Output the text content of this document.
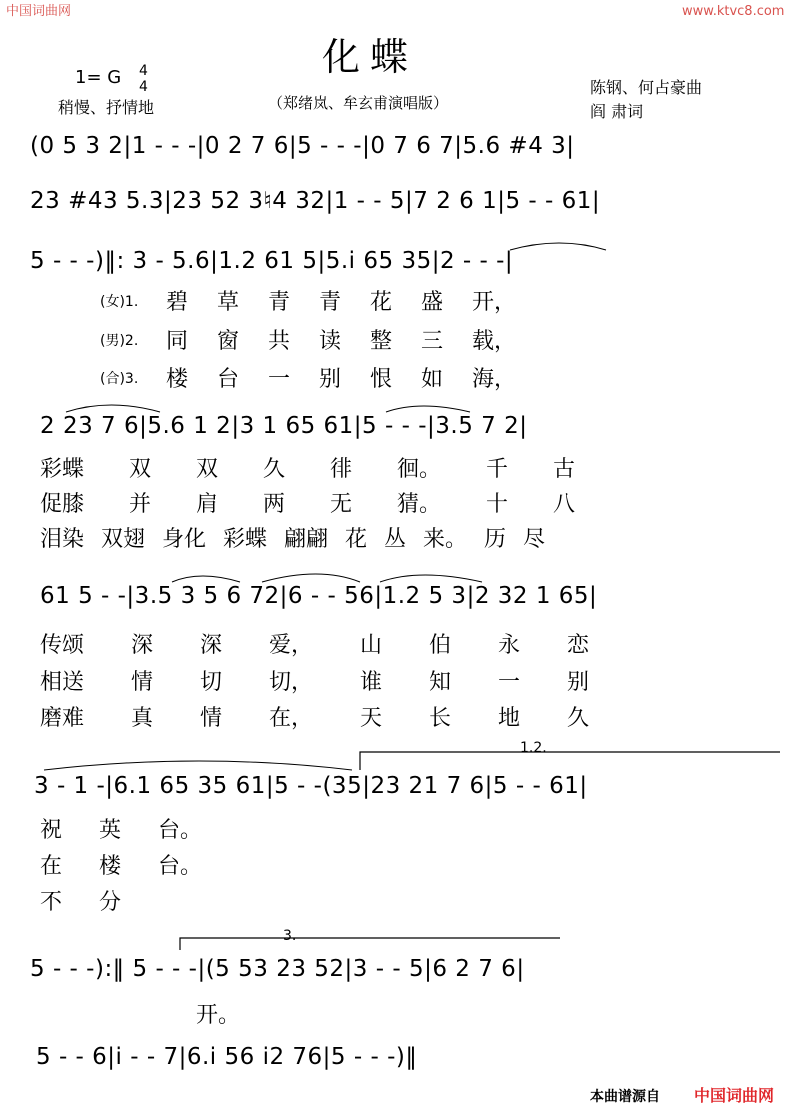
中国词曲网	www.ktvc8.com
化蝶
1= G 4
4
稍慢、抒情地	（郑绪岚、牟玄甫演唱版）
陈钢、何占豪曲
阎 肃词
(0 5 3 2|1 - - -|0 2 7 6|5 - - -|0 7 6 7|5.6 #4 3|
23 #43 5.3|23 52 3♮4 32|1 - - 5|7 2 6 1|5 - - 61|
5 - - -)‖: 3 - 5.6|1.2 61 5|5.i 65 35|2 - - -|
(女)1. 碧 草 青 青 花 盛 开，
(男)2. 同 窗 共 读 整 三 载，
(合)3. 楼 台 一 别 恨 如 海，
2 23 7 6|5.6 1 2|3 1 65 61|5 - - -|3.5 7 2|
彩蝶 双 双 久 徘 徊。 千 古
促膝 并 肩 两 无 猜。 十 八
泪染 双翅 身化 彩蝶 翩翩 花 丛 来。 历 尽
61 5 - -|3.5 3 5 6 72|6 - - 56|1.2 5 3|2 32 1 65|
传颂 深 深 爱， 山 伯 永 恋
相送 情 切 切， 谁 知 一 别
磨难 真 情 在， 天 长 地 久
1.2.
3 - 1 -|6.1 65 35 61|5 - -(35|23 21 7 6|5 - - 61|
祝 英 台。
在 楼 台。
不 分
3.
5 - - -):‖ 5 - - -|(5 53 23 52|3 - - 5|6 2 7 6|
开。
5 - - 6|i - - 7|6.i 56 i2 76|5 - - -)‖
本曲谱源自 中国词曲网
